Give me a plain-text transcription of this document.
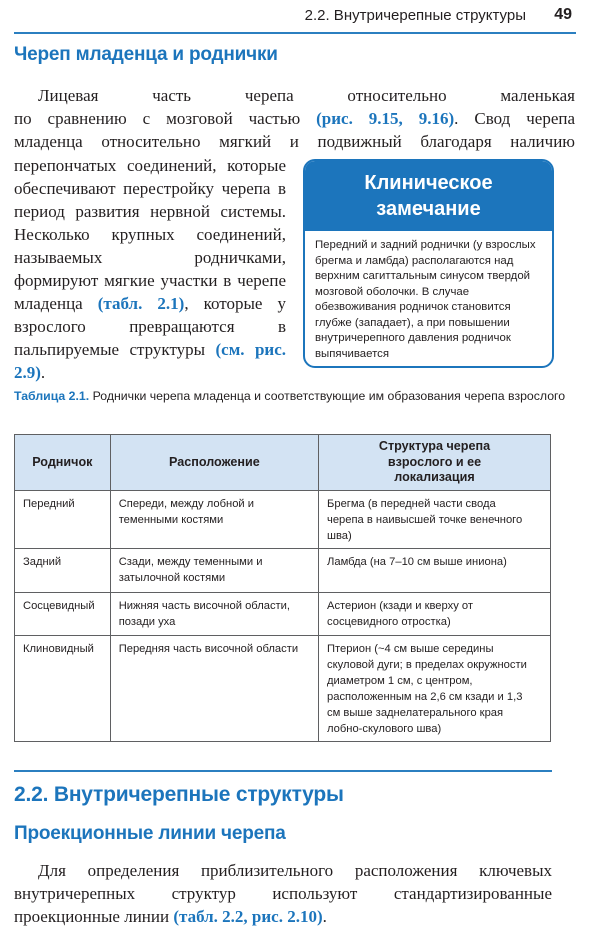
2.2. Внутричерепные структуры 49
Череп младенца и роднички

Лицевая часть черепа относительно маленькая
по сравнению с мозговой частью (рис. 9.15, 9.16). Свод черепа
младенца относительно мягкий и подвижный благодаря наличию

перепончатых соединений, которые обеспечивают перестройку черепа в период развития нервной системы. Несколько крупных соединений, называемых родничками, формируют мягкие участки в черепе младенца (табл. 2.1), которые у взрослого превращаются в пальпируемые структуры (см. рис. 2.9).

Клиническое
замечание
Передний и задний роднички (у взрослых брегма и ламбда) располагаются над верхним сагиттальным синусом твердой мозговой оболочки. В случае обезвоживания родничок становится глубже (западает), а при повышении внутричерепного давления родничок выпячивается
Таблица 2.1. Роднички черепа младенца и соответствующие им образования черепа взрослого
Родничок	Расположение	Структура черепа взрослого и ее локализация

Передний	Спереди, между лобной и теменными костями	Брегма (в передней части свода черепа в наивысшей точке венечного шва)

Задний	Сзади, между теменными и затылочной костями	Ламбда (на 7–10 см выше иниона)
Сосцевидный	Нижняя часть височной области, позади уха	Астерион (кзади и кверху от сосцевидного отростка)

Клиновидный	Передняя часть височной области	Птерион (~4 см выше середины скуловой дуги; в пределах окружности диаметром 1 см, с центром, расположенным на 2,6 см кзади и 1,3 см выше заднелатерального края лобно-скулового шва)
2.2. Внутричерепные структуры
Проекционные линии черепа

Для определения приблизительного расположения ключевых внутричерепных структур используют стандартизированные проекционные линии (табл. 2.2, рис. 2.10).
